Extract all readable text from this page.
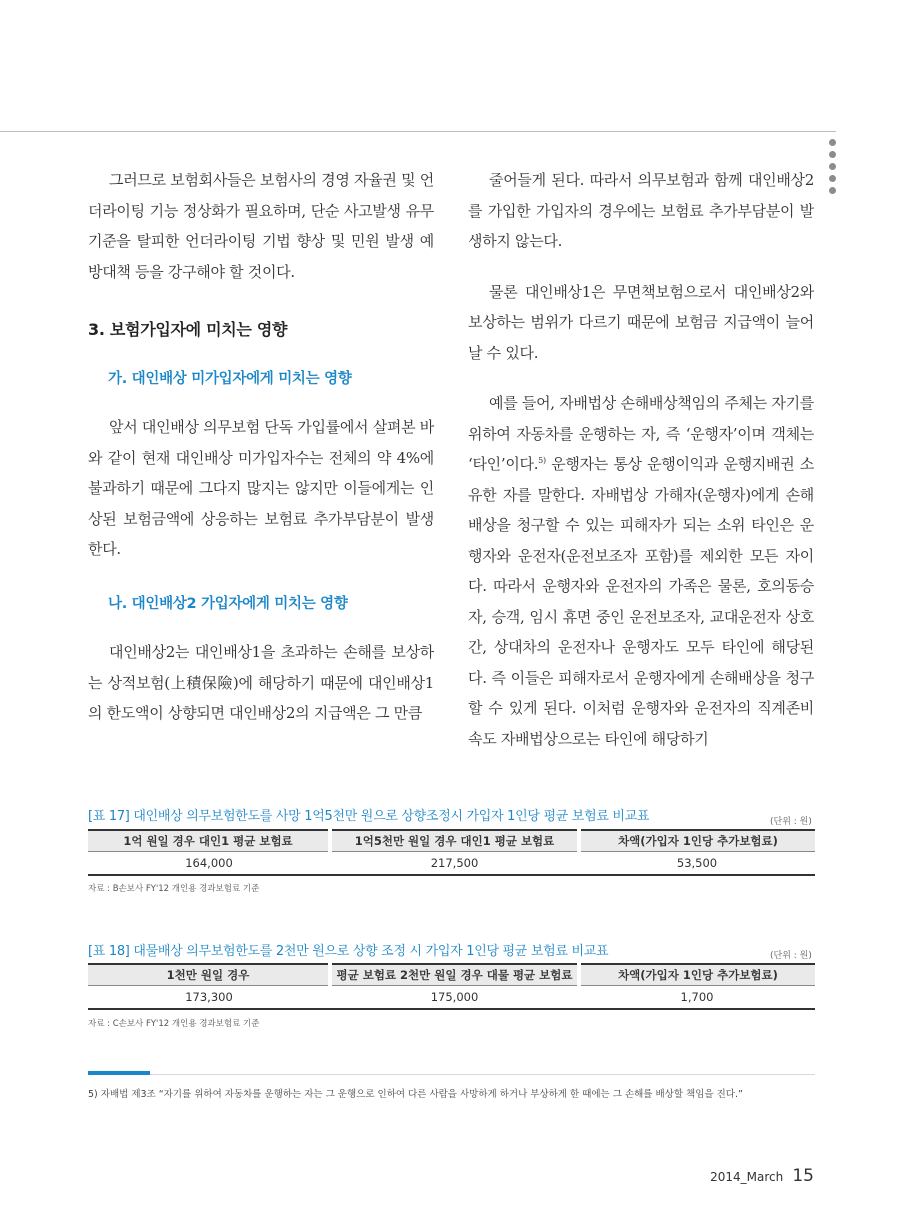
그러므로 보험회사들은 보험사의 경영 자율권 및 언더라이팅 기능 정상화가 필요하며, 단순 사고발생 유무 기준을 탈피한 언더라이팅 기법 향상 및 민원 발생 예방대책 등을 강구해야 할 것이다.

3. 보험가입자에 미치는 영향
가. 대인배상 미가입자에게 미치는 영향

앞서 대인배상 의무보험 단독 가입률에서 살펴본 바와 같이 현재 대인배상 미가입자수는 전체의 약 4%에 불과하기 때문에 그다지 많지는 않지만 이들에게는 인상된 보험금액에 상응하는 보험료 추가부담분이 발생한다.

나. 대인배상2 가입자에게 미치는 영향

대인배상2는 대인배상1을 초과하는 손해를 보상하는 상적보험(上積保險)에 해당하기 때문에 대인배상1의 한도액이 상향되면 대인배상2의 지급액은 그 만큼

줄어들게 된다. 따라서 의무보험과 함께 대인배상2를 가입한 가입자의 경우에는 보험료 추가부담분이 발생하지 않는다.

물론 대인배상1은 무면책보험으로서 대인배상2와 보상하는 범위가 다르기 때문에 보험금 지급액이 늘어날 수 있다.

예를 들어, 자배법상 손해배상책임의 주체는 자기를 위하여 자동차를 운행하는 자, 즉 ‘운행자’이며 객체는 ‘타인’이다.$^{5)}$ 운행자는 통상 운행이익과 운행지배권 소유한 자를 말한다. 자배법상 가해자(운행자)에게 손해배상을 청구할 수 있는 피해자가 되는 소위 타인은 운행자와 운전자(운전보조자 포함)를 제외한 모든 자이다. 따라서 운행자와 운전자의 가족은 물론, 호의동승자, 승객, 임시 휴면 중인 운전보조자, 교대운전자 상호간, 상대차의 운전자나 운행자도 모두 타인에 해당된다. 즉 이들은 피해자로서 운행자에게 손해배상을 청구할 수 있게 된다. 이처럼 운행자와 운전자의 직계존비속도 자배법상으로는 타인에 해당하기

[표 17] 대인배상 의무보험한도를 사망 1억5천만 원으로 상향조정시 가입자 1인당 평균 보험료 비교표	(단위 : 원)
1억 원일 경우 대인1 평균 보험료	1억5천만 원일 경우 대인1 평균 보험료	차액(가입자 1인당 추가보험료)
164,000	217,500	53,500
자료 : B손보사 FY'12 개인용 경과보험료 기준
[표 18] 대물배상 의무보험한도를 2천만 원으로 상향 조정 시 가입자 1인당 평균 보험료 비교표	(단위 : 원)
1천만 원일 경우	평균 보험료 2천만 원일 경우 대물 평균 보험료	차액(가입자 1인당 추가보험료)
173,300	175,000	1,700
자료 : C손보사 FY'12 개인용 경과보험료 기준
5) 자배법 제3조 “자기를 위하여 자동차를 운행하는 자는 그 운행으로 인하여 다른 사람을 사망하게 하거나 부상하게 한 때에는 그 손해를 배상할 책임을 진다.”
2014_March 15
